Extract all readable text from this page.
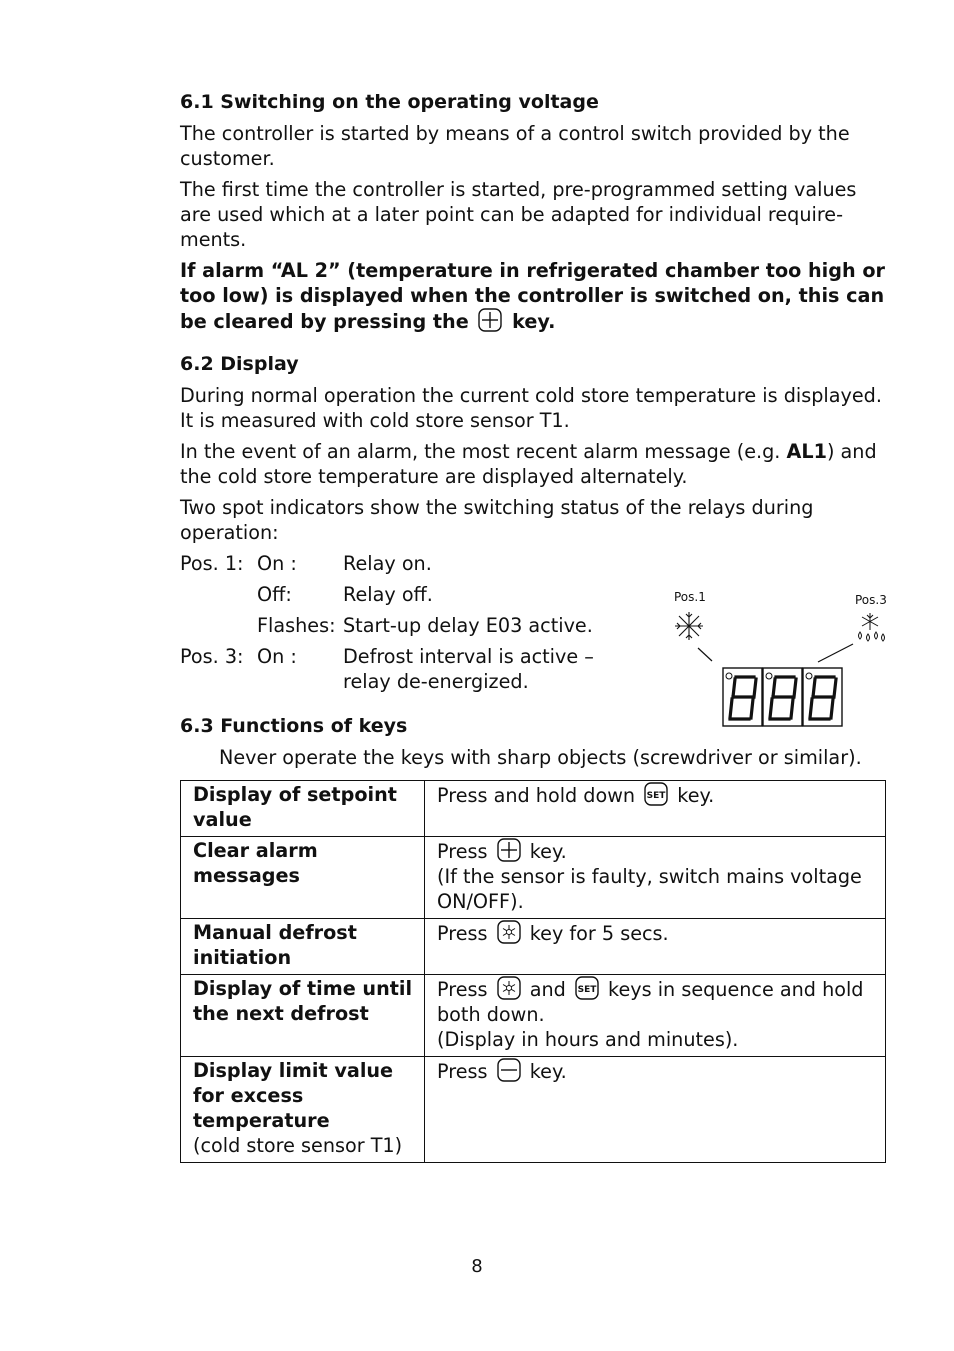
6.1 Switching on the operating voltage
The controller is started by means of a control switch provided by the customer.
The first time the controller is started, pre-programmed setting values are used which at a later point can be adapted for individual require-ments.
If alarm “AL 2” (temperature in refrigerated chamber too high or too low) is displayed when the controller is switched on, this can be cleared by pressing the key.
6.2 Display
During normal operation the current cold store temperature is displayed. It is measured with cold store sensor T1.
In the event of an alarm, the most recent alarm message (e.g. AL1) and the cold store temperature are displayed alternately.
Two spot indicators show the switching status of the relays during operation:
Pos. 1:	On :	Relay on.
	Off:	Relay off.
	Flashes:	Start-up delay E03 active.
Pos. 3:	On :	Defrost interval is active – relay de-energized.
6.3 Functions of keys
Never operate the keys with sharp objects (screwdriver or similar).
Display of setpoint value	Press and hold down key.
Clear alarm messages	Press key.
(If the sensor is faulty, switch mains voltage ON/OFF).
Manual defrost initiation	Press key for 5 secs.
Display of time until the next defrost	Press and keys in sequence and hold both down.
(Display in hours and minutes).
Display limit value for excess temperature
(cold store sensor T1)	Press key.
Pos.1	Pos.3
8
